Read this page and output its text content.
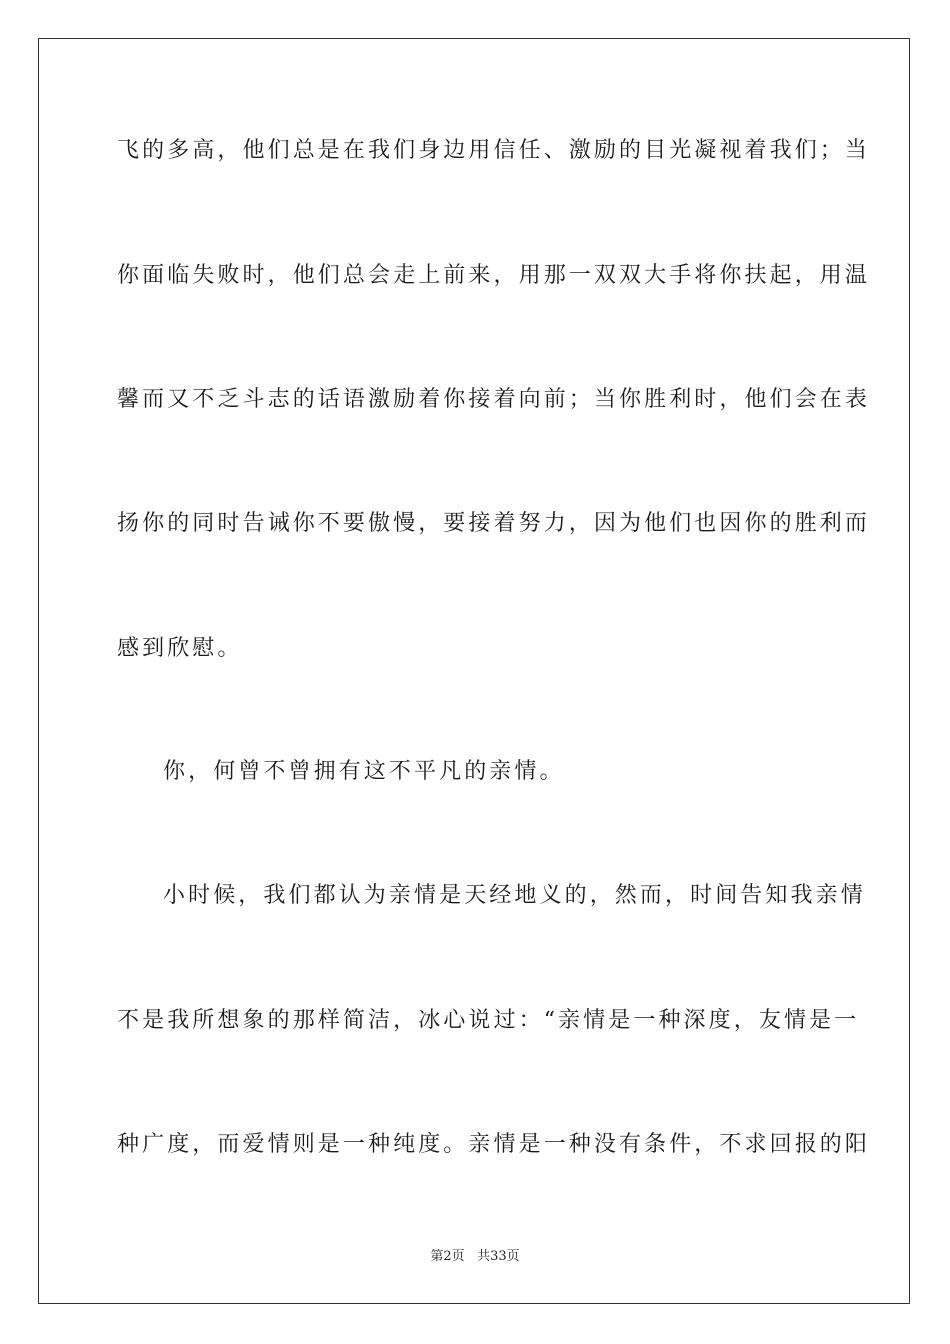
飞的多高，他们总是在我们身边用信任、激励的目光凝视着我们；当
你面临失败时，他们总会走上前来，用那一双双大手将你扶起，用温
馨而又不乏斗志的话语激励着你接着向前；当你胜利时，他们会在表
扬你的同时告诫你不要傲慢，要接着努力，因为他们也因你的胜利而
感到欣慰。
你，何曾不曾拥有这不平凡的亲情。
小时候，我们都认为亲情是天经地义的，然而，时间告知我亲情
不是我所想象的那样简洁，冰心说过：“亲情是一种深度，友情是一
种广度，而爱情则是一种纯度。亲情是一种没有条件，不求回报的阳
第2页 共33页
